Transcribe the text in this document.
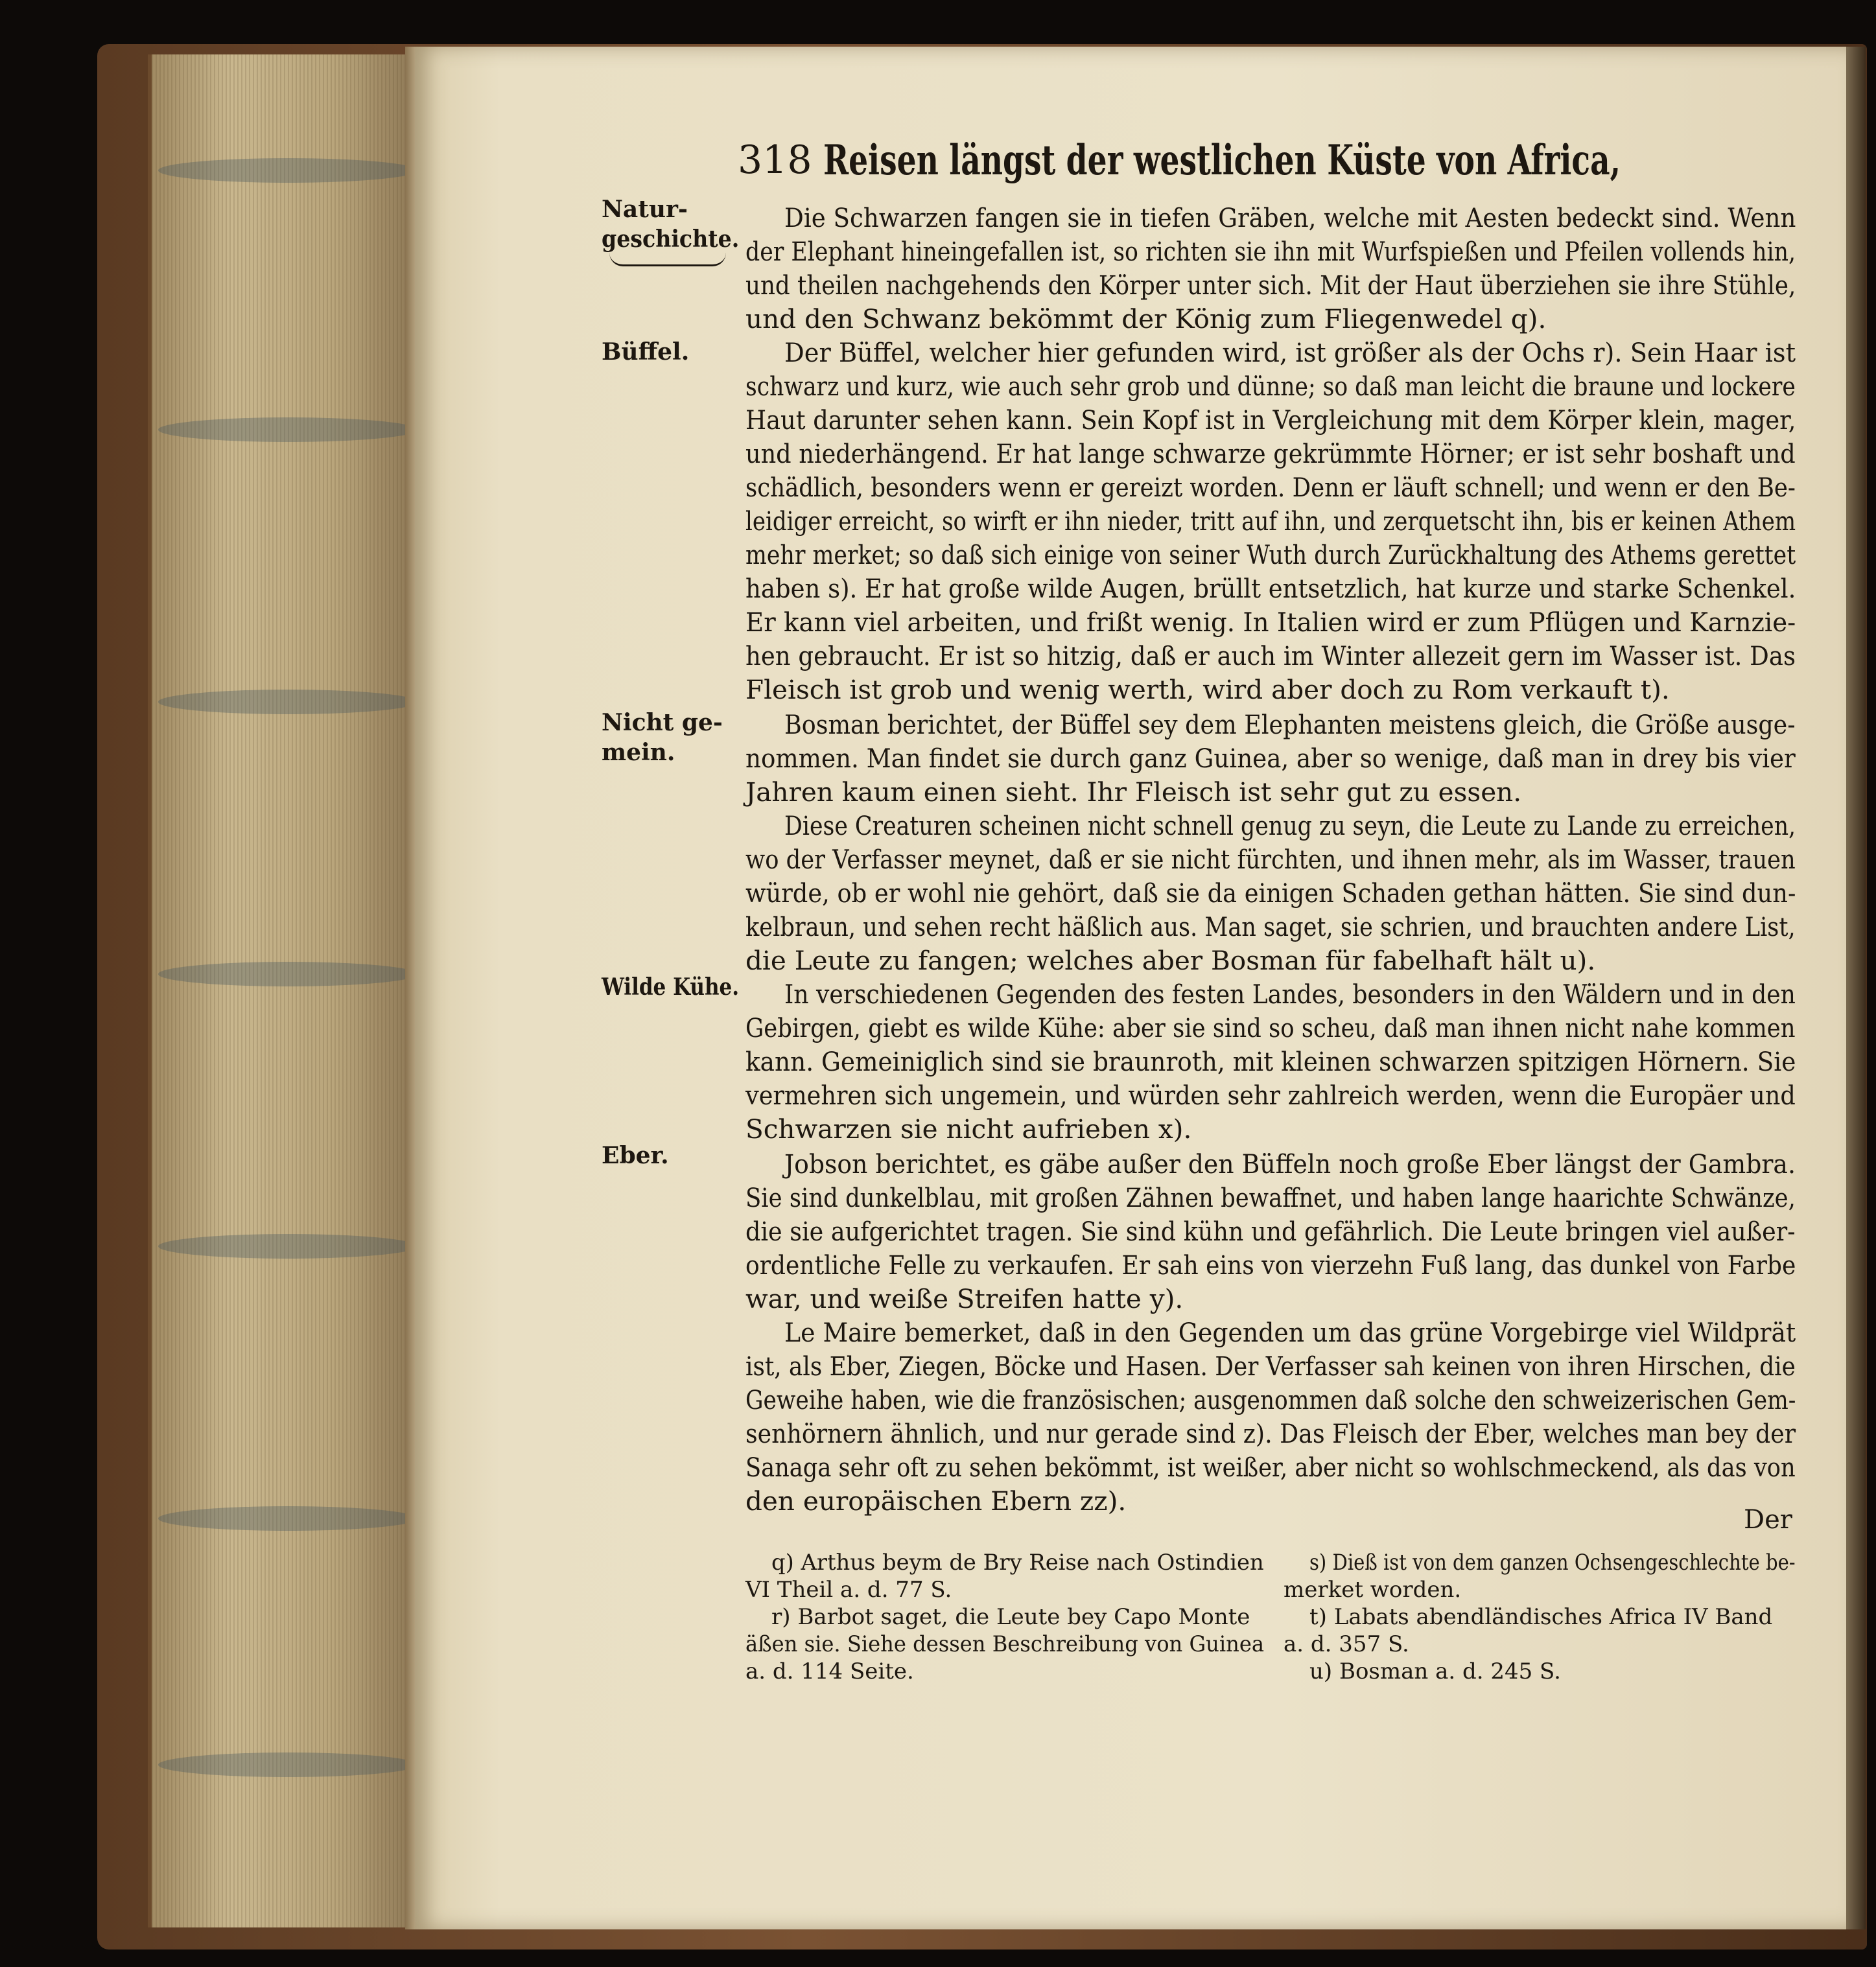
318 Reisen längst der westlichen Küste von Africa,
Natur-
geschichte.
Büffel.
Nicht ge-
mein.
Wilde Kühe.
Eber.
Die Schwarzen fangen sie in tiefen Gräben, welche mit Aesten bedeckt sind. Wenn
der Elephant hineingefallen ist, so richten sie ihn mit Wurfspießen und Pfeilen vollends hin,
und theilen nachgehends den Körper unter sich. Mit der Haut überziehen sie ihre Stühle,
und den Schwanz bekömmt der König zum Fliegenwedel q).
Der Büffel, welcher hier gefunden wird, ist größer als der Ochs r). Sein Haar ist
schwarz und kurz, wie auch sehr grob und dünne; so daß man leicht die braune und lockere
Haut darunter sehen kann. Sein Kopf ist in Vergleichung mit dem Körper klein, mager,
und niederhängend. Er hat lange schwarze gekrümmte Hörner; er ist sehr boshaft und
schädlich, besonders wenn er gereizt worden. Denn er läuft schnell; und wenn er den Be-
leidiger erreicht, so wirft er ihn nieder, tritt auf ihn, und zerquetscht ihn, bis er keinen Athem
mehr merket; so daß sich einige von seiner Wuth durch Zurückhaltung des Athems gerettet
haben s). Er hat große wilde Augen, brüllt entsetzlich, hat kurze und starke Schenkel.
Er kann viel arbeiten, und frißt wenig. In Italien wird er zum Pflügen und Karnzie-
hen gebraucht. Er ist so hitzig, daß er auch im Winter allezeit gern im Wasser ist. Das
Fleisch ist grob und wenig werth, wird aber doch zu Rom verkauft t).
Bosman berichtet, der Büffel sey dem Elephanten meistens gleich, die Größe ausge-
nommen. Man findet sie durch ganz Guinea, aber so wenige, daß man in drey bis vier
Jahren kaum einen sieht. Ihr Fleisch ist sehr gut zu essen.
Diese Creaturen scheinen nicht schnell genug zu seyn, die Leute zu Lande zu erreichen,
wo der Verfasser meynet, daß er sie nicht fürchten, und ihnen mehr, als im Wasser, trauen
würde, ob er wohl nie gehört, daß sie da einigen Schaden gethan hätten. Sie sind dun-
kelbraun, und sehen recht häßlich aus. Man saget, sie schrien, und brauchten andere List,
die Leute zu fangen; welches aber Bosman für fabelhaft hält u).
In verschiedenen Gegenden des festen Landes, besonders in den Wäldern und in den
Gebirgen, giebt es wilde Kühe: aber sie sind so scheu, daß man ihnen nicht nahe kommen
kann. Gemeiniglich sind sie braunroth, mit kleinen schwarzen spitzigen Hörnern. Sie
vermehren sich ungemein, und würden sehr zahlreich werden, wenn die Europäer und
Schwarzen sie nicht aufrieben x).
Jobson berichtet, es gäbe außer den Büffeln noch große Eber längst der Gambra.
Sie sind dunkelblau, mit großen Zähnen bewaffnet, und haben lange haarichte Schwänze,
die sie aufgerichtet tragen. Sie sind kühn und gefährlich. Die Leute bringen viel außer-
ordentliche Felle zu verkaufen. Er sah eins von vierzehn Fuß lang, das dunkel von Farbe
war, und weiße Streifen hatte y).
Le Maire bemerket, daß in den Gegenden um das grüne Vorgebirge viel Wildprät
ist, als Eber, Ziegen, Böcke und Hasen. Der Verfasser sah keinen von ihren Hirschen, die
Geweihe haben, wie die französischen; ausgenommen daß solche den schweizerischen Gem-
senhörnern ähnlich, und nur gerade sind z). Das Fleisch der Eber, welches man bey der
Sanaga sehr oft zu sehen bekömmt, ist weißer, aber nicht so wohlschmeckend, als das von
den europäischen Ebern zz).
Der
q) Arthus beym de Bry Reise nach Ostindien
VI Theil a. d. 77 S.
r) Barbot saget, die Leute bey Capo Monte
äßen sie. Siehe dessen Beschreibung von Guinea
a. d. 114 Seite.
s) Dieß ist von dem ganzen Ochsengeschlechte be-
merket worden.
t) Labats abendländisches Africa IV Band
a. d. 357 S.
u) Bosman a. d. 245 S.
